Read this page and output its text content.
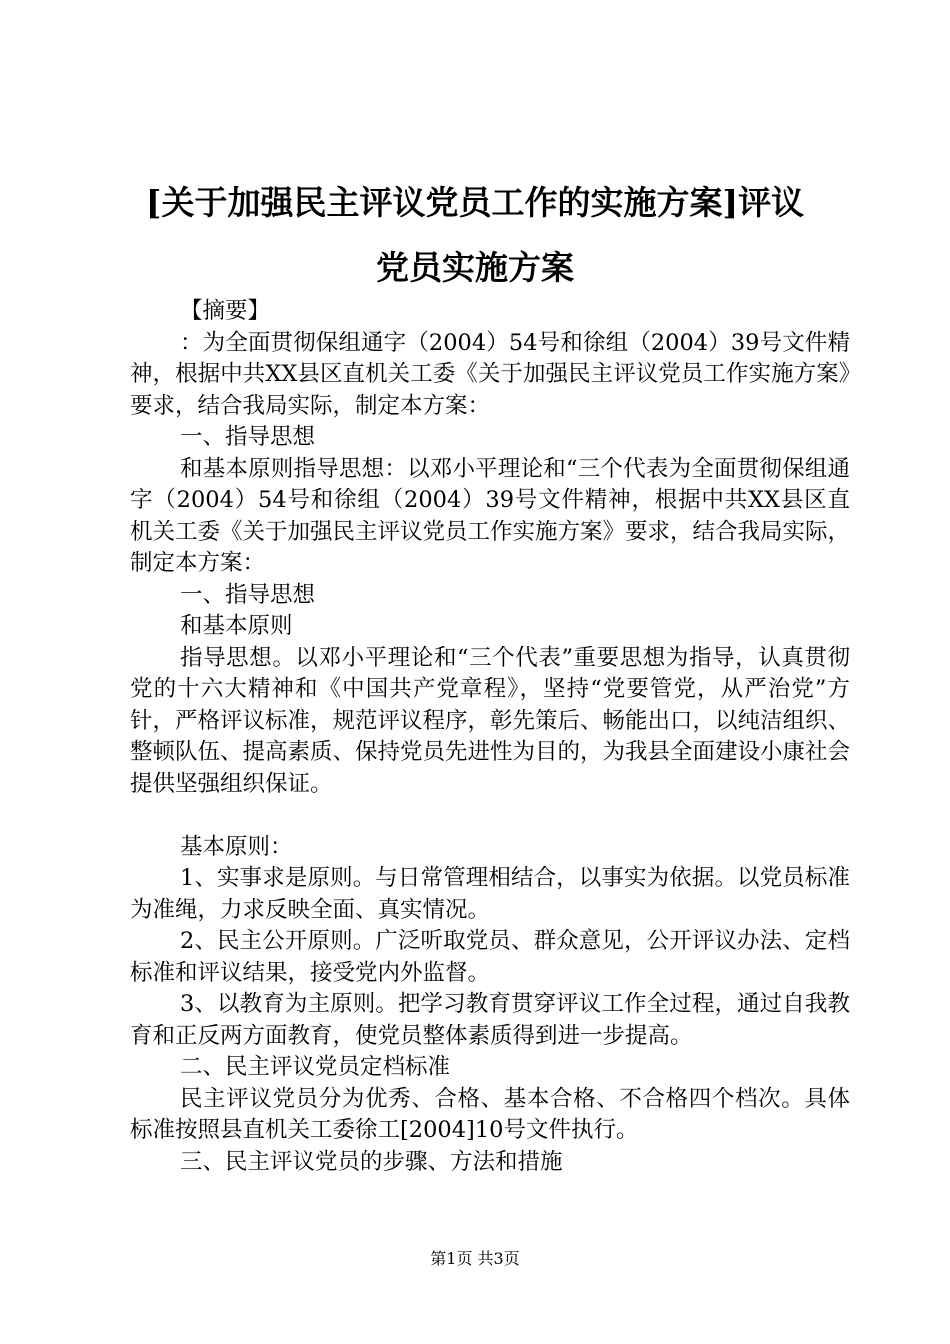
[关于加强民主评议党员工作的实施方案]评议
党员实施方案

【摘要】

：为全面贯彻保组通字（2004）54号和徐组（2004）39号文件精神，根据中共XX县区直机关工委《关于加强民主评议党员工作实施方案》要求，结合我局实际，制定本方案：

一、指导思想

和基本原则指导思想：以邓小平理论和“三个代表为全面贯彻保组通字（2004）54号和徐组（2004）39号文件精神，根据中共XX县区直机关工委《关于加强民主评议党员工作实施方案》要求，结合我局实际，制定本方案：

一、指导思想

和基本原则

指导思想。以邓小平理论和“三个代表”重要思想为指导，认真贯彻党的十六大精神和《中国共产党章程》，坚持“党要管党，从严治党”方针，严格评议标准，规范评议程序，彰先策后、畅能出口，以纯洁组织、整顿队伍、提高素质、保持党员先进性为目的，为我县全面建设小康社会提供坚强组织保证。

基本原则：

1、实事求是原则。与日常管理相结合，以事实为依据。以党员标准为准绳，力求反映全面、真实情况。

2、民主公开原则。广泛听取党员、群众意见，公开评议办法、定档标准和评议结果，接受党内外监督。

3、以教育为主原则。把学习教育贯穿评议工作全过程，通过自我教育和正反两方面教育，使党员整体素质得到进一步提高。

二、民主评议党员定档标准

民主评议党员分为优秀、合格、基本合格、不合格四个档次。具体标准按照县直机关工委徐工[2004]10号文件执行。

三、民主评议党员的步骤、方法和措施

第1页 共3页
